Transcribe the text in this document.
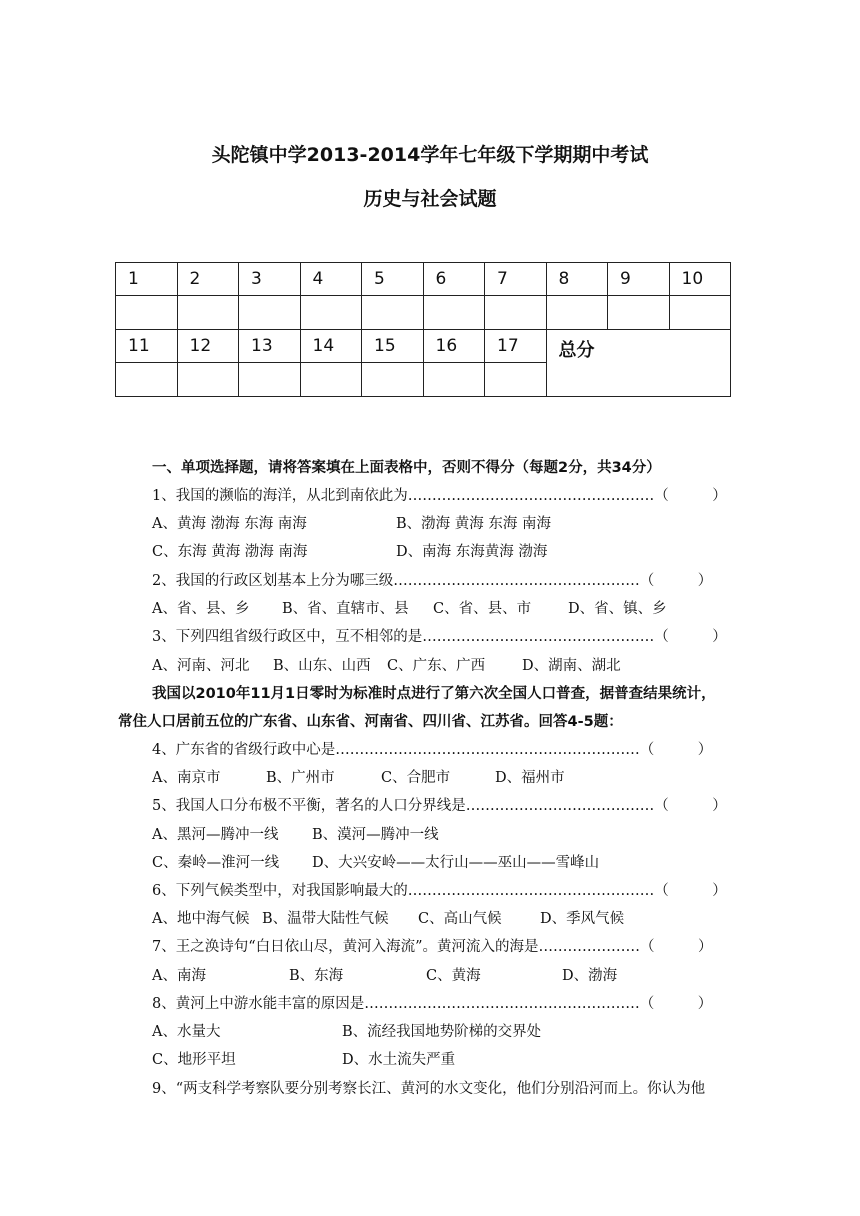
头陀镇中学2013-2014学年七年级下学期期中考试
历史与社会试题
1	2	3	4	5	6	7	8	9	10

11	12	13	14	15	16	17	总分		

一、单项选择题，请将答案填在上面表格中，否则不得分（每题2分，共34分）
1、我国的濒临的海洋，从北到南依此为……………………………………………（　　　）
A、黄海 渤海 东海 南海	B、渤海 黄海 东海 南海
C、东海 黄海 渤海 南海	D、南海 东海黄海 渤海
2、我国的行政区划基本上分为哪三级……………………………………………（　　　）
A、省、县、乡 B、省、直辖市、县 C、省、县、市	D、省、镇、乡
3、下列四组省级行政区中，互不相邻的是…………………………………………（　　　）
A、河南、河北 B、山东、山西 C、广东、广西	D、湖南、湖北
我国以2010年11月1日零时为标准时点进行了第六次全国人口普查，据普查结果统计，
常住人口居前五位的广东省、山东省、河南省、四川省、江苏省。回答4-5题：
4、广东省的省级行政中心是………………………………………………………（　　　）
A、南京市	B、广州市	C、合肥市	D、福州市
5、我国人口分布极不平衡，著名的人口分界线是…………………………………（　　　）
A、黑河—腾冲一线 B、漠河—腾冲一线
C、秦岭—淮河一线 D、大兴安岭——太行山——巫山——雪峰山
6、下列气候类型中，对我国影响最大的……………………………………………（　　　）
A、地中海气候 B、温带大陆性气候 C、高山气候	D、季风气候
7、王之涣诗句“白日依山尽，黄河入海流”。黄河流入的海是…………………（　　　）
A、南海	B、东海	C、黄海	D、渤海
8、黄河上中游水能丰富的原因是…………………………………………………（　　　）
A、水量大	B、流经我国地势阶梯的交界处
C、地形平坦	D、水土流失严重
9、“两支科学考察队要分别考察长江、黄河的水文变化，他们分别沿河而上。你认为他
